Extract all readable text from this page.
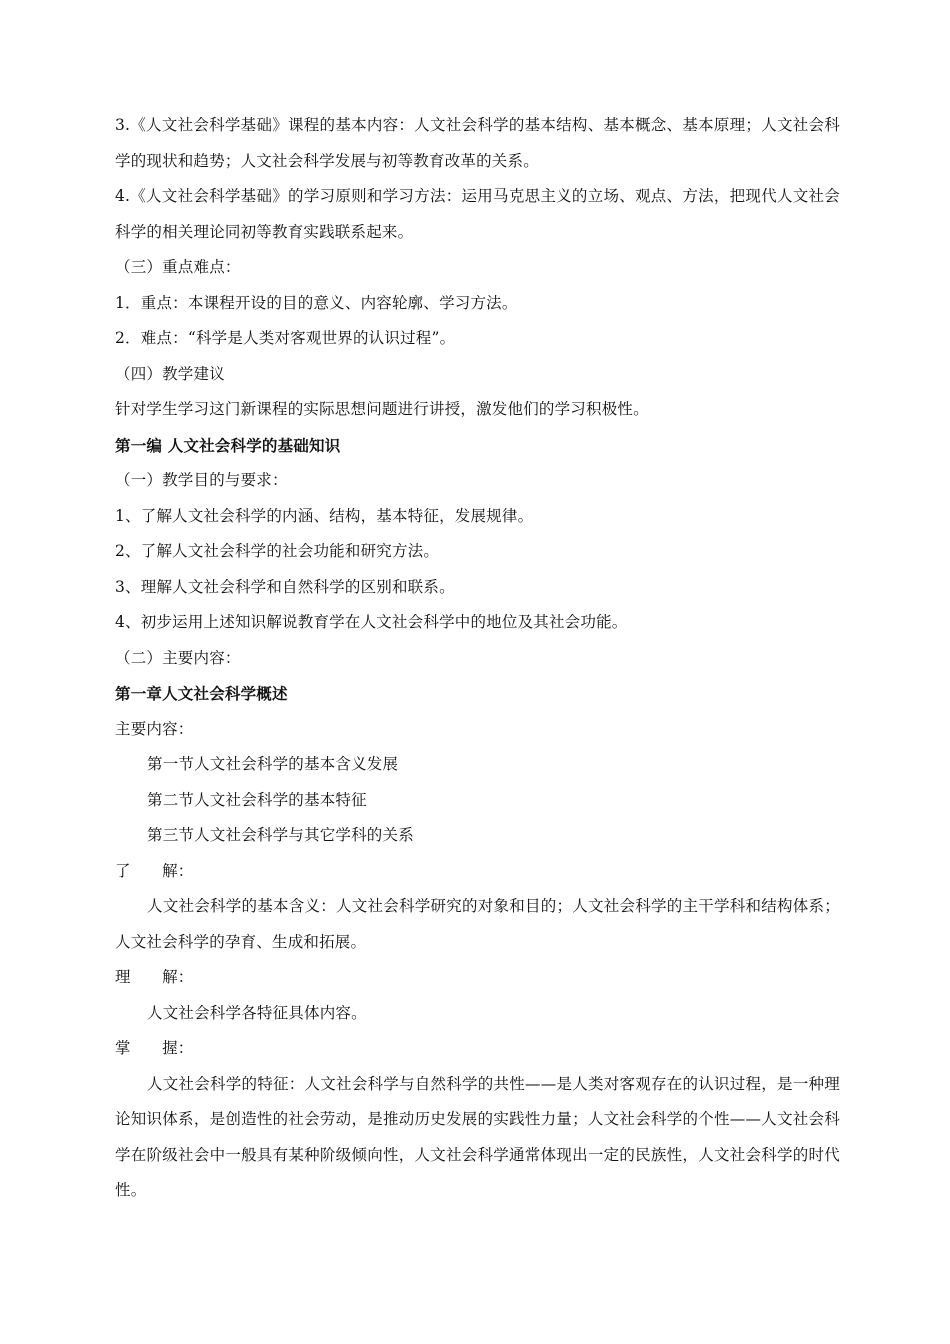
3.《人文社会科学基础》课程的基本内容：人文社会科学的基本结构、基本概念、基本原理；人文社会科学的现状和趋势；人文社会科学发展与初等教育改革的关系。

4.《人文社会科学基础》的学习原则和学习方法：运用马克思主义的立场、观点、方法，把现代人文社会科学的相关理论同初等教育实践联系起来。

（三）重点难点：

1．重点：本课程开设的目的意义、内容轮廓、学习方法。

2．难点：“科学是人类对客观世界的认识过程”。

（四）教学建议

针对学生学习这门新课程的实际思想问题进行讲授，激发他们的学习积极性。

第一编 人文社会科学的基础知识

（一）教学目的与要求：

1、了解人文社会科学的内涵、结构，基本特征，发展规律。

2、了解人文社会科学的社会功能和研究方法。

3、理解人文社会科学和自然科学的区别和联系。

4、初步运用上述知识解说教育学在人文社会科学中的地位及其社会功能。

（二）主要内容：

第一章人文社会科学概述

主要内容：

第一节人文社会科学的基本含义发展

第二节人文社会科学的基本特征

第三节人文社会科学与其它学科的关系

了　　解：

人文社会科学的基本含义：人文社会科学研究的对象和目的；人文社会科学的主干学科和结构体系；人文社会科学的孕育、生成和拓展。

理　　解：

人文社会科学各特征具体内容。

掌　　握：

人文社会科学的特征：人文社会科学与自然科学的共性——是人类对客观存在的认识过程，是一种理论知识体系，是创造性的社会劳动，是推动历史发展的实践性力量；人文社会科学的个性——人文社会科学在阶级社会中一般具有某种阶级倾向性，人文社会科学通常体现出一定的民族性，人文社会科学的时代性。
